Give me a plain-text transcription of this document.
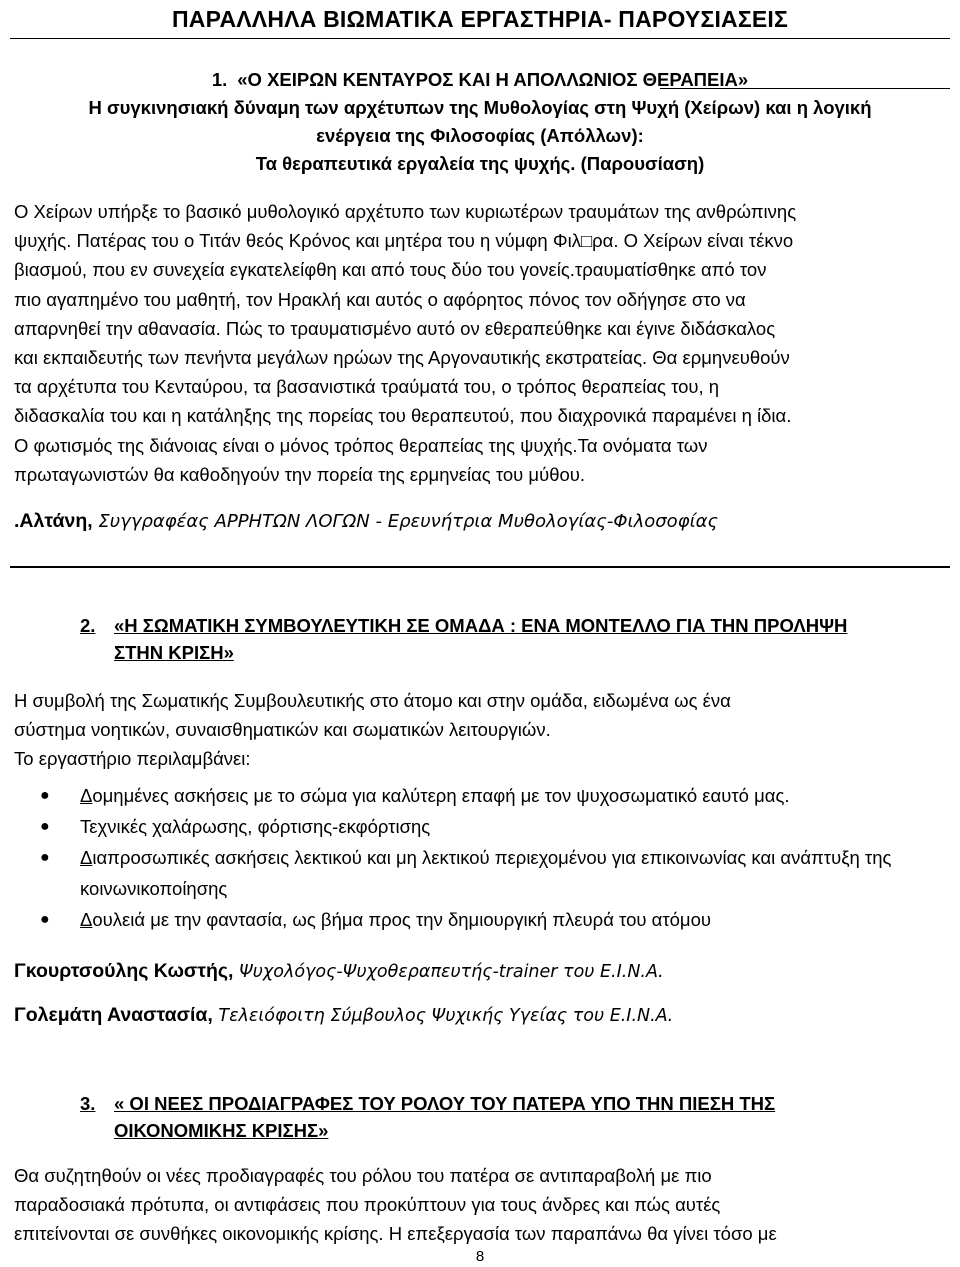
ΠΑΡΑΛΛΗΛΑ ΒΙΩΜΑΤΙΚΑ ΕΡΓΑΣΤΗΡΙΑ- ΠΑΡΟΥΣΙΑΣΕΙΣ
1. «Ο ΧΕΙΡΩΝ ΚΕΝΤΑΥΡΟΣ ΚΑΙ Η ΑΠΟΛΛΩΝΙΟΣ ΘΕΡΑΠΕΙΑ»
Η συγκινησιακή δύναμη των αρχέτυπων της Μυθολογίας στη Ψυχή (Χείρων) και η λογική
ενέργεια της Φιλοσοφίας (Απόλλων):
Τα θεραπευτικά εργαλεία της ψυχής. (Παρουσίαση)
Ο Χείρων υπήρξε το βασικό μυθολογικό αρχέτυπο των κυριωτέρων τραυμάτων της ανθρώπινης
ψυχής. Πατέρας του ο Τιτάν θεός Κρόνος και μητέρα του η νύμφη Φιλ□ρα. Ο Χείρων είναι τέκνο
βιασμού, που εν συνεχεία εγκατελείφθη και από τους δύο του γονείς.τραυματίσθηκε από τον
πιο αγαπημένο του μαθητή, τον Ηρακλή και αυτός ο αφόρητος πόνος τον οδήγησε στο να
απαρνηθεί την αθανασία. Πώς το τραυματισμένο αυτό ον εθεραπεύθηκε και έγινε διδάσκαλος
και εκπαιδευτής των πενήντα μεγάλων ηρώων της Αργοναυτικής εκστρατείας. Θα ερμηνευθούν
τα αρχέτυπα του Κενταύρου, τα βασανιστικά τραύματά του, ο τρόπος θεραπείας του, η
διδασκαλία του και η κατάληξης της πορείας του θεραπευτού, που διαχρονικά παραμένει η ίδια.
Ο φωτισμός της διάνοιας είναι ο μόνος τρόπος θεραπείας της ψυχής.Τα ονόματα των
πρωταγωνιστών θα καθοδηγούν την πορεία της ερμηνείας του μύθου.
.Αλτάνη, Συγγραφέας ΑΡΡΗΤΩΝ ΛΟΓΩΝ - Ερευνήτρια Μυθολογίας-Φιλοσοφίας
2.	«Η ΣΩΜΑΤΙΚΗ ΣΥΜΒΟΥΛΕΥΤΙΚΗ ΣΕ ΟΜΑΔΑ : ΕΝΑ ΜΟΝΤΕΛΛΟ ΓΙΑ ΤΗΝ ΠΡΟΛΗΨΗ
ΣΤΗΝ ΚΡΙΣΗ»
Η συμβολή της Σωματικής Συμβουλευτικής στο άτομο και στην ομάδα, ειδωμένα ως ένα
σύστημα νοητικών, συναισθηματικών και σωματικών λειτουργιών.
Το εργαστήριο περιλαμβάνει:
● Δομημένες ασκήσεις με το σώμα για καλύτερη επαφή με τον ψυχοσωματικό εαυτό μας.
● Τεχνικές χαλάρωσης, φόρτισης-εκφόρτισης
● Διαπροσωπικές ασκήσεις λεκτικού και μη λεκτικού περιεχομένου για επικοινωνίας και ανάπτυξη της κοινωνικοποίησης
● Δουλειά με την φαντασία, ως βήμα προς την δημιουργική πλευρά του ατόμου
Γκουρτσούλης Κωστής, Ψυχολόγος-Ψυχοθεραπευτής-trainer του Ε.Ι.Ν.Α.
Γολεμάτη Αναστασία, Τελειόφοιτη Σύμβουλος Ψυχικής Υγείας του Ε.Ι.Ν.Α.
3.	« ΟΙ ΝΕΕΣ ΠΡΟΔΙΑΓΡΑΦΕΣ ΤΟΥ ΡΟΛΟΥ ΤΟΥ ΠΑΤΕΡΑ ΥΠΟ ΤΗΝ ΠΙΕΣΗ ΤΗΣ
ΟΙΚΟΝΟΜΙΚΗΣ ΚΡΙΣΗΣ»
Θα συζητηθούν οι νέες προδιαγραφές του ρόλου του πατέρα σε αντιπαραβολή με πιο
παραδοσιακά πρότυπα, οι αντιφάσεις που προκύπτουν για τους άνδρες και πώς αυτές
επιτείνονται σε συνθήκες οικονομικής κρίσης. Η επεξεργασία των παραπάνω θα γίνει τόσο με
8
